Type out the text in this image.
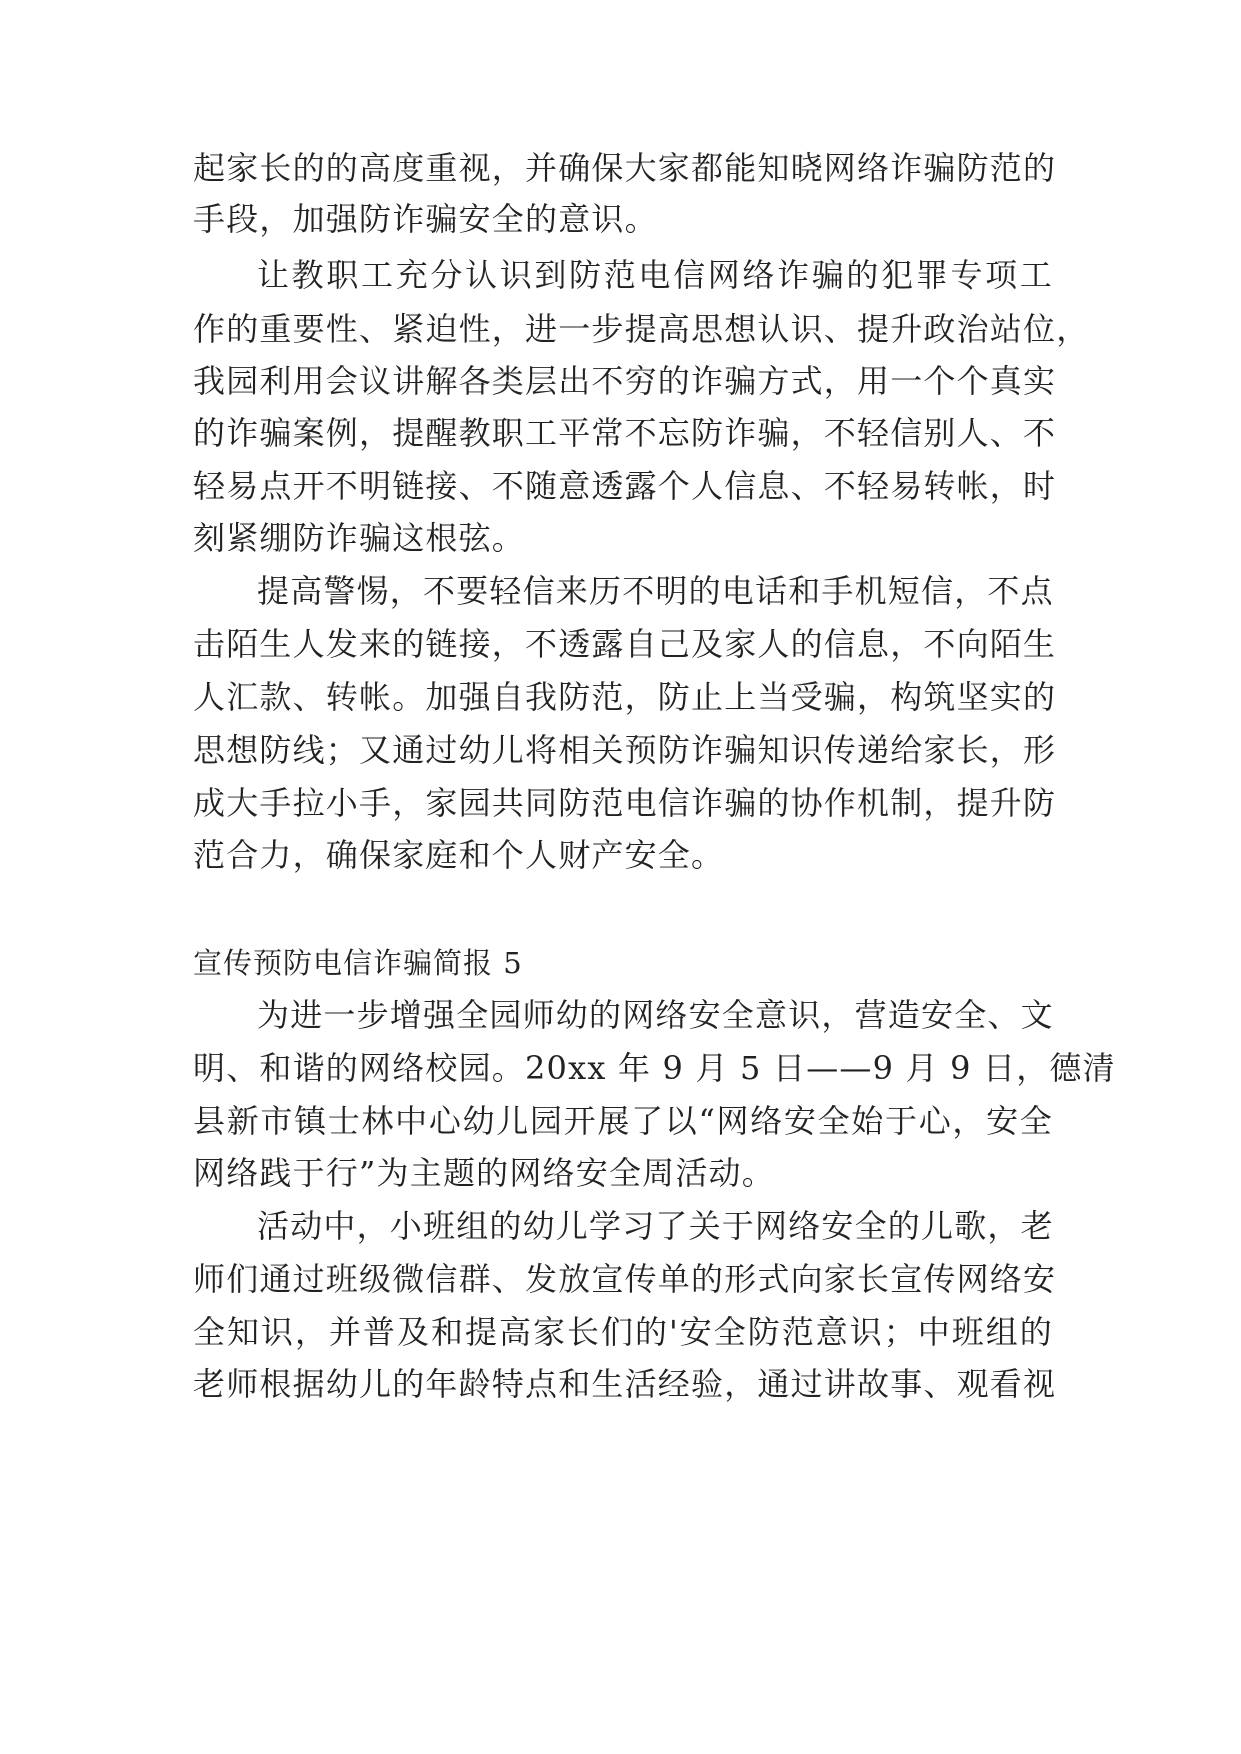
起家长的的高度重视，并确保大家都能知晓网络诈骗防范的
手段，加强防诈骗安全的意识。
让教职工充分认识到防范电信网络诈骗的犯罪专项工
作的重要性、紧迫性，进一步提高思想认识、提升政治站位，
我园利用会议讲解各类层出不穷的诈骗方式，用一个个真实
的诈骗案例，提醒教职工平常不忘防诈骗，不轻信别人、不
轻易点开不明链接、不随意透露个人信息、不轻易转帐，时
刻紧绷防诈骗这根弦。
提高警惕，不要轻信来历不明的电话和手机短信，不点
击陌生人发来的链接，不透露自己及家人的信息，不向陌生
人汇款、转帐。加强自我防范，防止上当受骗，构筑坚实的
思想防线；又通过幼儿将相关预防诈骗知识传递给家长，形
成大手拉小手，家园共同防范电信诈骗的协作机制，提升防
范合力，确保家庭和个人财产安全。
宣传预防电信诈骗简报 5
为进一步增强全园师幼的网络安全意识，营造安全、文
明、和谐的网络校园。20xx 年 9 月 5 日——9 月 9 日，德清
县新市镇士林中心幼儿园开展了以“网络安全始于心，安全
网络践于行”为主题的网络安全周活动。
活动中，小班组的幼儿学习了关于网络安全的儿歌，老
师们通过班级微信群、发放宣传单的形式向家长宣传网络安
全知识，并普及和提高家长们的'安全防范意识；中班组的
老师根据幼儿的年龄特点和生活经验，通过讲故事、观看视
